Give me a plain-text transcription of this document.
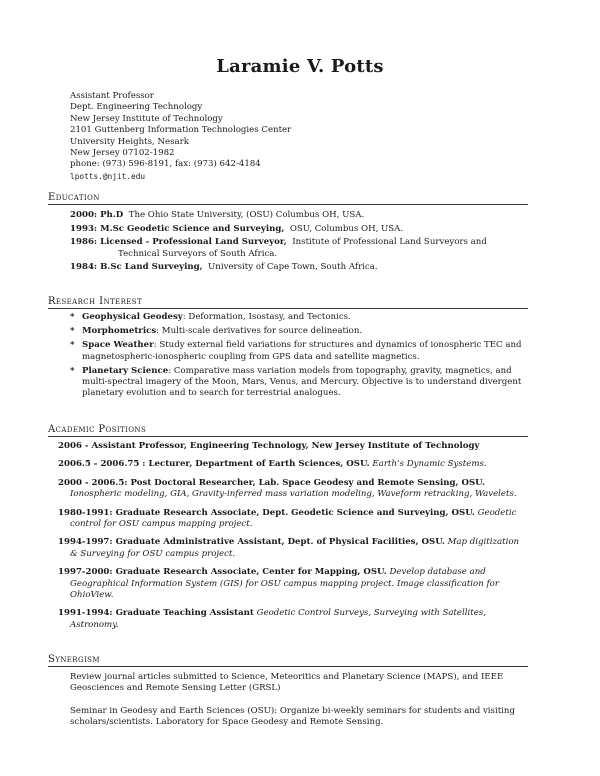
Laramie V. Potts
Assistant Professor
Dept. Engineering Technology
New Jersey Institute of Technology
2101 Guttenberg Information Technologies Center
University Heights, Nesark
New Jersey 07102-1982
phone: (973) 596-8191, fax: (973) 642-4184
lpotts.@njit.edu
Education
2000: Ph.D The Ohio State University, (OSU) Columbus OH, USA.
1993: M.Sc Geodetic Science and Surveying, OSU, Columbus OH, USA.
1986: Licensed - Professional Land Surveyor, Institute of Professional Land Surveyors and Technical Surveyors of South Africa.
1984: B.Sc Land Surveying, University of Cape Town, South Africa.
Research Interest
* Geophysical Geodesy: Deformation, Isostasy, and Tectonics.
* Morphometrics: Multi-scale derivatives for source delineation.
* Space Weather: Study external field variations for structures and dynamics of ionospheric TEC and magnetospheric-ionospheric coupling from GPS data and satellite magnetics.
* Planetary Science: Comparative mass variation models from topography, gravity, magnetics, and multi-spectral imagery of the Moon, Mars, Venus, and Mercury. Objective is to understand divergent planetary evolution and to search for terrestrial analogues.
Academic Positions
2006 - Assistant Professor, Engineering Technology, New Jersey Institute of Technology
2006.5 - 2006.75 : Lecturer, Department of Earth Sciences, OSU. Earth’s Dynamic Systems.
2000 - 2006.5: Post Doctoral Researcher, Lab. Space Geodesy and Remote Sensing, OSU. Ionospheric modeling, GIA, Gravity-inferred mass variation modeling, Waveform retracking, Wavelets.
1980-1991: Graduate Research Associate, Dept. Geodetic Science and Surveying, OSU. Geodetic control for OSU campus mapping project.
1994-1997: Graduate Administrative Assistant, Dept. of Physical Facilities, OSU. Map digitization & Surveying for OSU campus project.
1997-2000: Graduate Research Associate, Center for Mapping, OSU. Develop database and Geographical Information System (GIS) for OSU campus mapping project. Image classification for OhioView.
1991-1994: Graduate Teaching Assistant Geodetic Control Surveys, Surveying with Satellites, Astronomy.
Synergism
Review journal articles submitted to Science, Meteoritics and Planetary Science (MAPS), and IEEE Geosciences and Remote Sensing Letter (GRSL)
Seminar in Geodesy and Earth Sciences (OSU): Organize bi-weekly seminars for students and visiting scholars/scientists. Laboratory for Space Geodesy and Remote Sensing.
